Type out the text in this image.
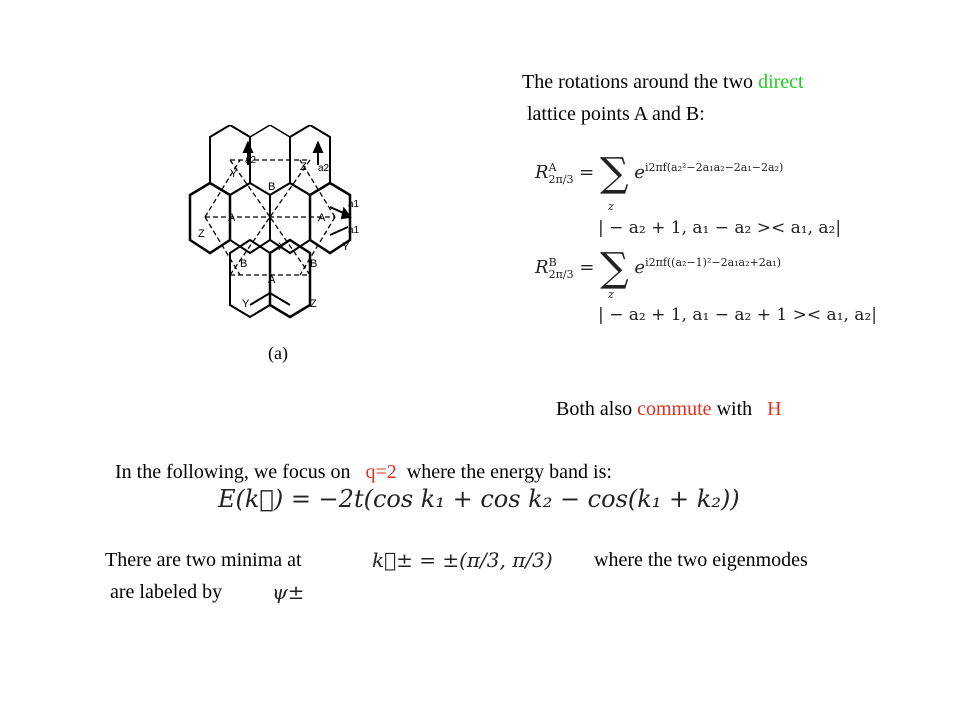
Y
Z
Z
Y
Y	Z
X
B
A	A
B	B
A
a2
a2
a1
a1
(a)
The rotations around the two direct
lattice points A and B:
$R^A_{2\pi/3}$ = ∑ $e^{i2\pi f(a_2^2-2a_1a_2-2a_1-2a_2)}$
z
| − a₂ + 1, a₁ − a₂ >< a₁, a₂|
$R^B_{2\pi/3}$ = ∑ $e^{i2\pi f((a_2-1)^2-2a_1a_2+2a_1)}$
z
| − a₂ + 1, a₁ − a₂ + 1 >< a₁, a₂|

Both also commute with   H

In the following, we focus on   q=2  where the energy band is:

E(k⃗) = −2t(cos k₁ + cos k₂ − cos(k₁ + k₂))
There are two minima at	k⃗± = ±(π/3, π/3) where the two eigenmodes
are labeled by ψ±
